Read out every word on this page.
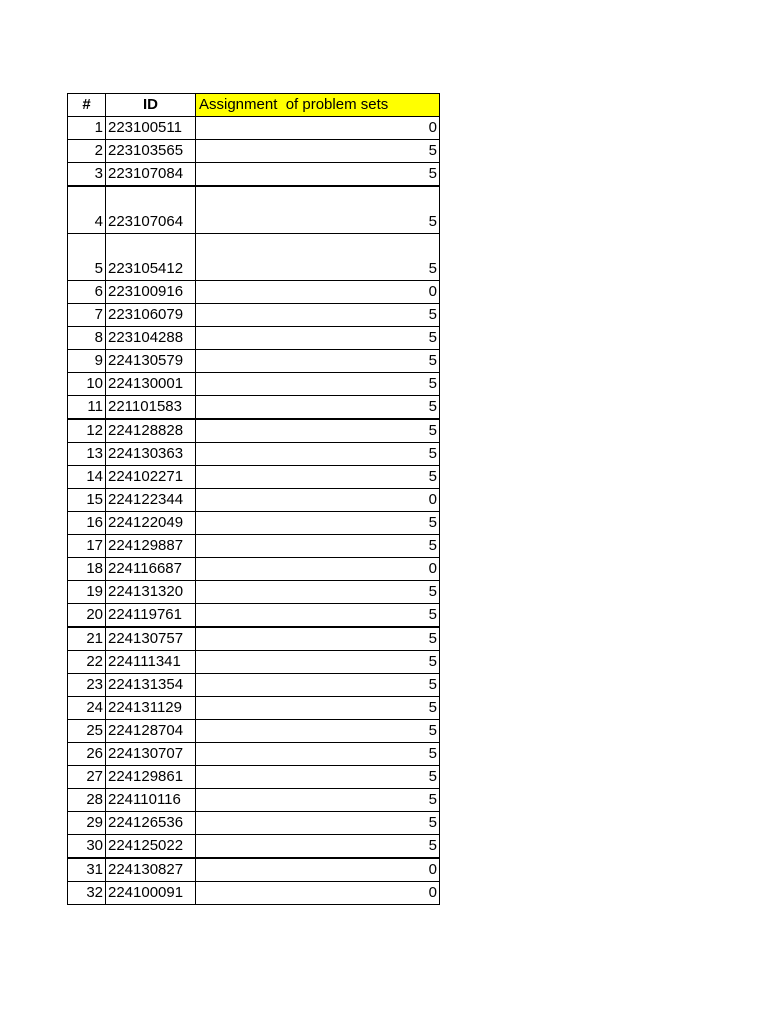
#	ID	Assignment  of problem sets
1	223100511	0
2	223103565	5
3	223107084	5
4	223107064	5
5	223105412	5
6	223100916	0
7	223106079	5
8	223104288	5
9	224130579	5
10	224130001	5
11	221101583	5
12	224128828	5
13	224130363	5
14	224102271	5
15	224122344	0
16	224122049	5
17	224129887	5
18	224116687	0
19	224131320	5
20	224119761	5
21	224130757	5
22	224111341	5
23	224131354	5
24	224131129	5
25	224128704	5
26	224130707	5
27	224129861	5
28	224110116	5
29	224126536	5
30	224125022	5
31	224130827	0
32	224100091	0
